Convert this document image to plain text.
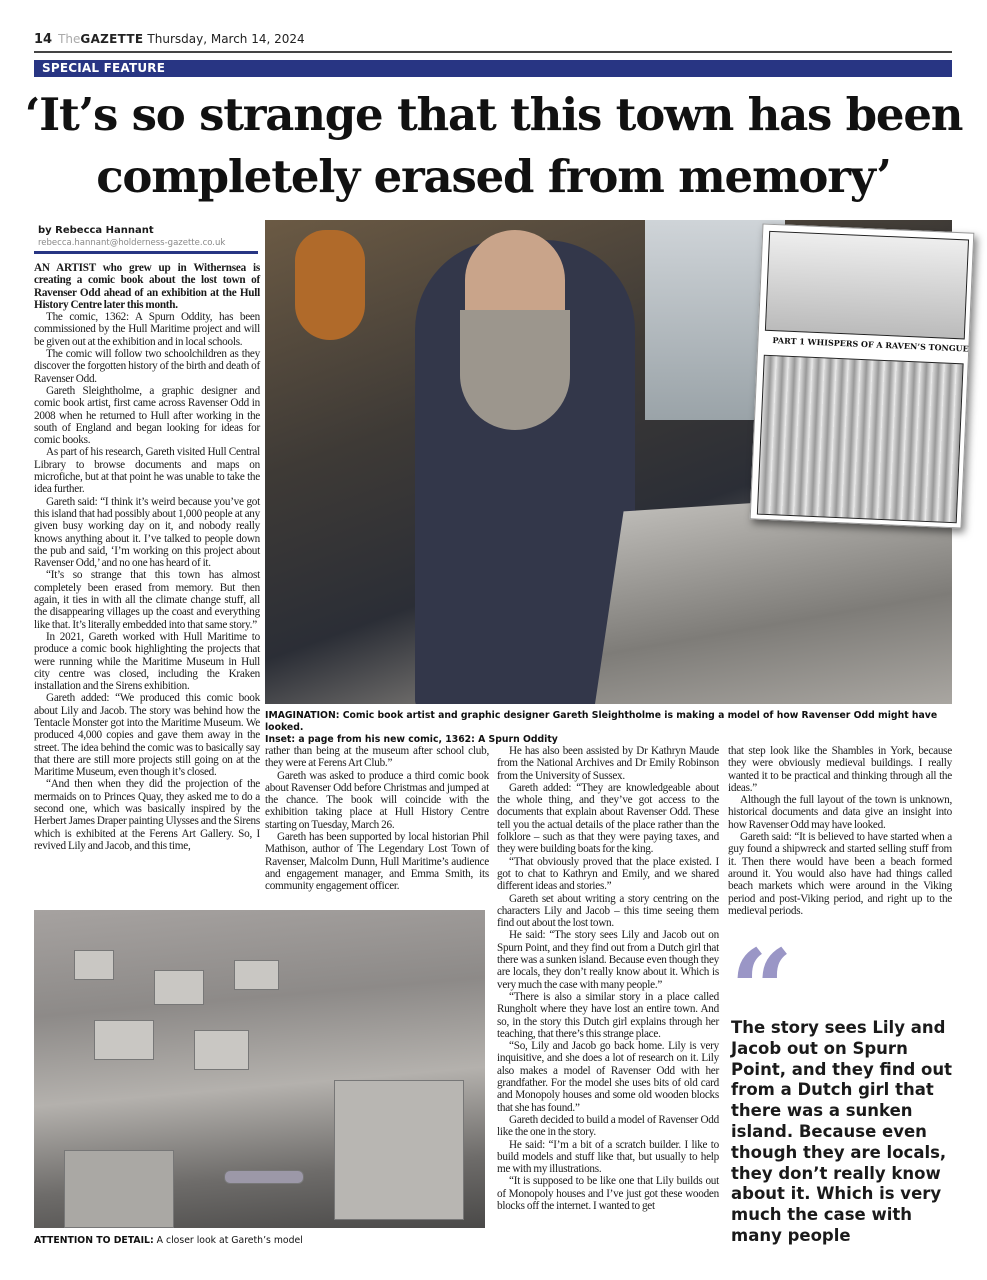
14 TheGAZETTE Thursday, March 14, 2024
SPECIAL FEATURE
‘It’s so strange that this town has been completely erased from memory’
by Rebecca Hannant
rebecca.hannant@holderness-gazette.co.uk

AN ARTIST who grew up in Withernsea is creating a comic book about the lost town of Ravenser Odd ahead of an exhibition at the Hull History Centre later this month.

The comic, 1362: A Spurn Oddity, has been commissioned by the Hull Maritime project and will be given out at the exhibition and in local schools.

The comic will follow two schoolchildren as they discover the forgotten history of the birth and death of Ravenser Odd.

Gareth Sleightholme, a graphic designer and comic book artist, first came across Ravenser Odd in 2008 when he returned to Hull after working in the south of England and began looking for ideas for comic books.

As part of his research, Gareth visited Hull Central Library to browse documents and maps on microfiche, but at that point he was unable to take the idea further.

Gareth said: “I think it’s weird because you’ve got this island that had possibly about 1,000 people at any given busy working day on it, and nobody really knows anything about it. I’ve talked to people down the pub and said, ‘I’m working on this project about Ravenser Odd,’ and no one has heard of it.

“It’s so strange that this town has almost completely been erased from memory. But then again, it ties in with all the climate change stuff, all the disappearing villages up the coast and everything like that. It’s literally embedded into that same story.”

In 2021, Gareth worked with Hull Maritime to produce a comic book highlighting the projects that were running while the Maritime Museum in Hull city centre was closed, including the Kraken installation and the Sirens exhibition.

Gareth added: “We produced this comic book about Lily and Jacob. The story was behind how the Tentacle Monster got into the Maritime Museum. We produced 4,000 copies and gave them away in the street. The idea behind the comic was to basically say that there are still more projects still going on at the Maritime Museum, even though it’s closed.

“And then when they did the projection of the mermaids on to Princes Quay, they asked me to do a second one, which was basically inspired by the Herbert James Draper painting Ulysses and the Sirens which is exhibited at the Ferens Art Gallery. So, I revived Lily and Jacob, and this time,

rather than being at the museum after school club, they were at Ferens Art Club.”

Gareth was asked to produce a third comic book about Ravenser Odd before Christmas and jumped at the chance. The book will coincide with the exhibition taking place at Hull History Centre starting on Tuesday, March 26.

Gareth has been supported by local historian Phil Mathison, author of The Legendary Lost Town of Ravenser, Malcolm Dunn, Hull Maritime’s audience and engagement manager, and Emma Smith, its community engagement officer.

He has also been assisted by Dr Kathryn Maude from the National Archives and Dr Emily Robinson from the University of Sussex.

Gareth added: “They are knowledgeable about the whole thing, and they’ve got access to the documents that explain about Ravenser Odd. These tell you the actual details of the place rather than the folklore – such as that they were paying taxes, and they were building boats for the king.

“That obviously proved that the place existed. I got to chat to Kathryn and Emily, and we shared different ideas and stories.”

Gareth set about writing a story centring on the characters Lily and Jacob – this time seeing them find out about the lost town.

He said: “The story sees Lily and Jacob out on Spurn Point, and they find out from a Dutch girl that there was a sunken island. Because even though they are locals, they don’t really know about it. Which is very much the case with many people.”

“There is also a similar story in a place called Rungholt where they have lost an entire town. And so, in the story this Dutch girl explains through her teaching, that there’s this strange place.

“So, Lily and Jacob go back home. Lily is very inquisitive, and she does a lot of research on it. Lily also makes a model of Ravenser Odd with her grandfather. For the model she uses bits of old card and Monopoly houses and some old wooden blocks that she has found.”

Gareth decided to build a model of Ravenser Odd like the one in the story.

He said: “I’m a bit of a scratch builder. I like to build models and stuff like that, but usually to help me with my illustrations.

“It is supposed to be like one that Lily builds out of Monopoly houses and I’ve just got these wooden blocks off the internet. I wanted to get

that step look like the Shambles in York, because they were obviously medieval buildings. I really wanted it to be practical and thinking through all the ideas.”

Although the full layout of the town is unknown, historical documents and data give an insight into how Ravenser Odd may have looked.

Gareth said: “It is believed to have started when a guy found a shipwreck and started selling stuff from it. Then there would have been a beach formed around it. You would also have had things called beach markets which were around in the Viking period and post-Viking period, and right up to the medieval periods.

PART 1 WHISPERS OF A RAVEN’S TONGUE
IMAGINATION: Comic book artist and graphic designer Gareth Sleightholme is making a model of how Ravenser Odd might have looked.
Inset: a page from his new comic, 1362: A Spurn Oddity
ATTENTION TO DETAIL: A closer look at Gareth’s model
“
The story sees Lily and Jacob out on Spurn Point, and they find out from a Dutch girl that there was a sunken island. Because even though they are locals, they don’t really know about it. Which is very much the case with many people
